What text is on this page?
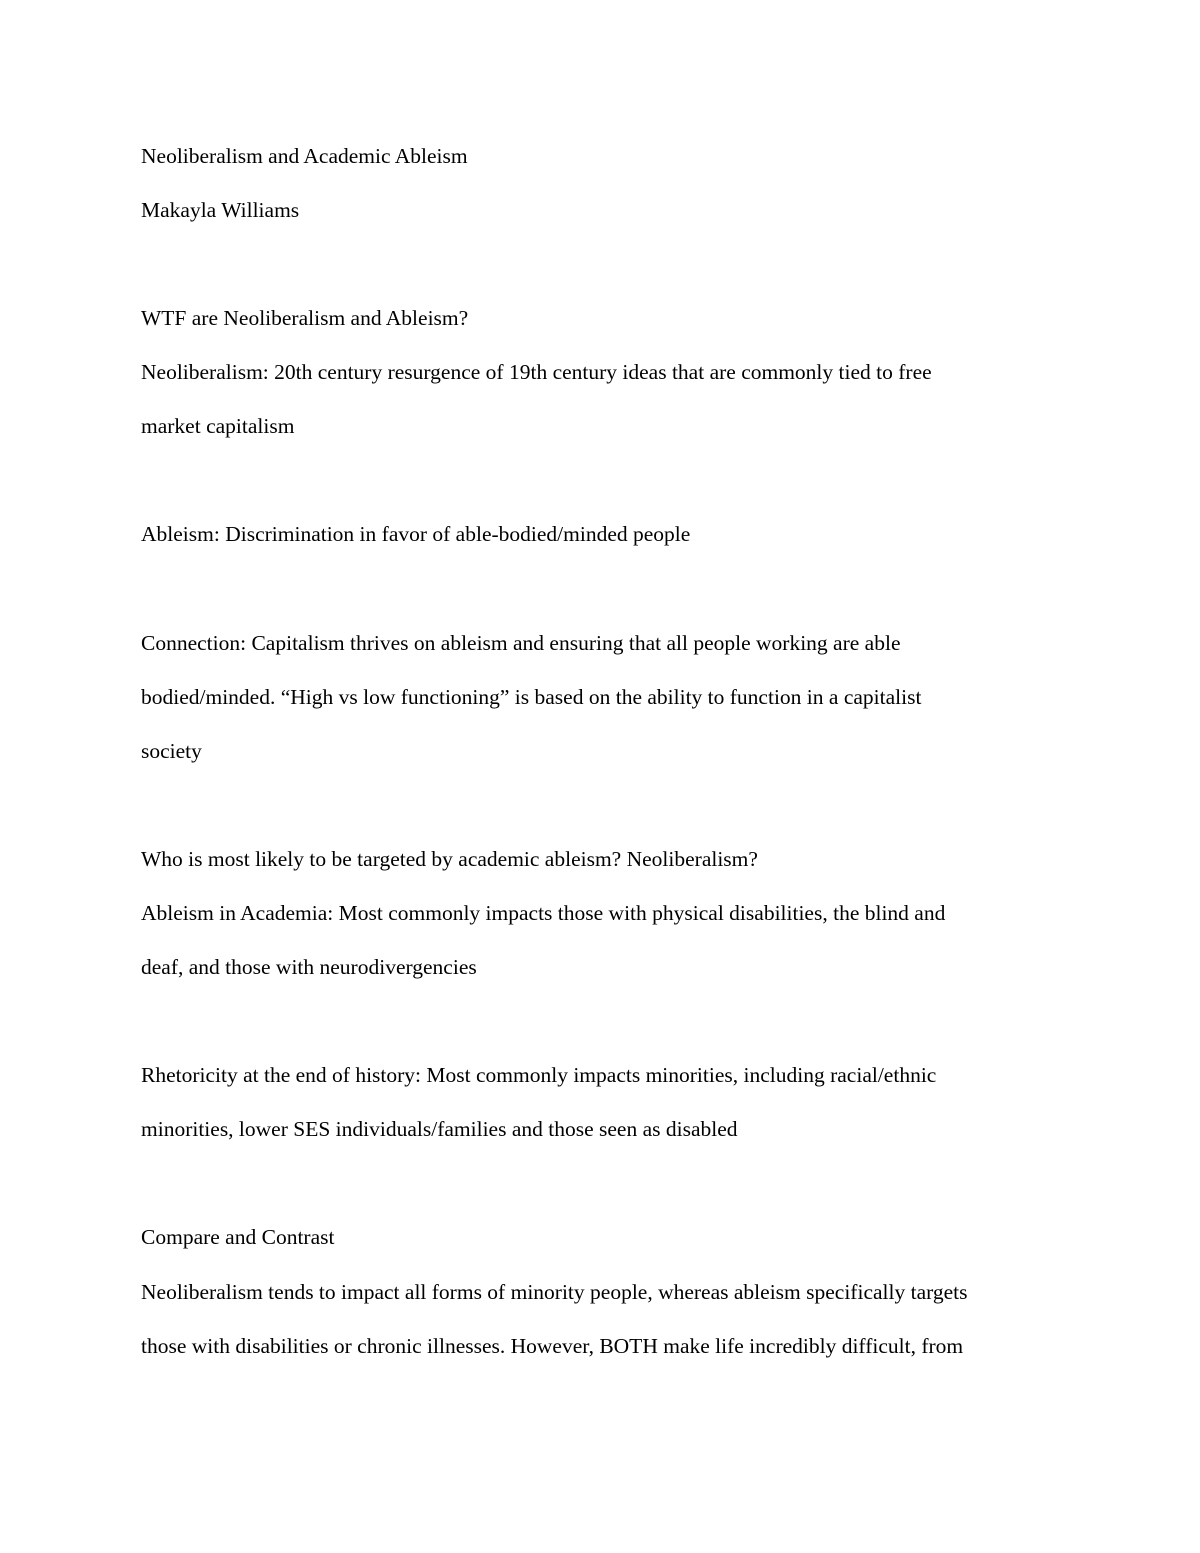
Neoliberalism and Academic Ableism
Makayla Williams
WTF are Neoliberalism and Ableism?
Neoliberalism: 20th century resurgence of 19th century ideas that are commonly tied to free
market capitalism
Ableism: Discrimination in favor of able-bodied/minded people
Connection: Capitalism thrives on ableism and ensuring that all people working are able
bodied/minded. “High vs low functioning” is based on the ability to function in a capitalist
society
Who is most likely to be targeted by academic ableism? Neoliberalism?
Ableism in Academia: Most commonly impacts those with physical disabilities, the blind and
deaf, and those with neurodivergencies
Rhetoricity at the end of history: Most commonly impacts minorities, including racial/ethnic
minorities, lower SES individuals/families and those seen as disabled
Compare and Contrast
Neoliberalism tends to impact all forms of minority people, whereas ableism specifically targets
those with disabilities or chronic illnesses. However, BOTH make life incredibly difficult, from
